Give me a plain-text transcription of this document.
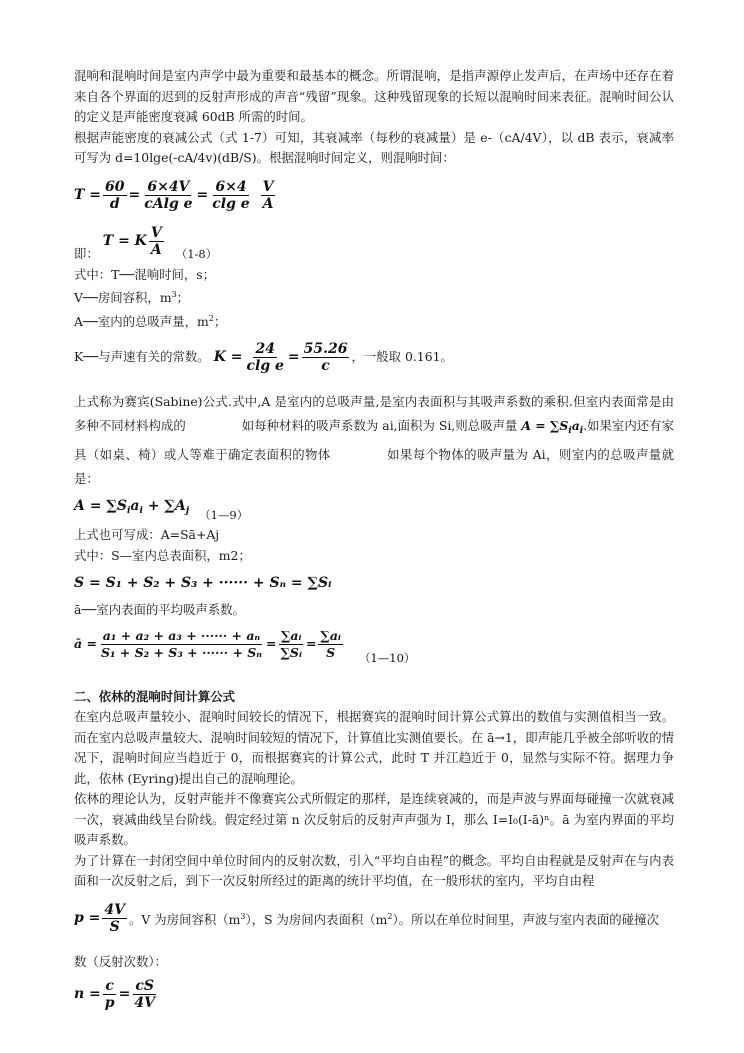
混响和混响时间是室内声学中最为重要和最基本的概念。所谓混响，是指声源停止发声后，在声场中还存在着来自各个界面的迟到的反射声形成的声音“残留”现象。这种残留现象的长短以混响时间来表征。混响时间公认的定义是声能密度衰减 60dB 所需的时间。

根据声能密度的衰减公式（式 1-7）可知，其衰减率（每秒的衰减量）是 e-（cA/4V），以 dB 表示，衰减率可写为 d=10lge(-cA/4v)(dB/S)。根据混响时间定义，则混响时间：

$T = \frac{60}{d} = \frac{6\times 4V}{\text{cAlg e}} = \frac{6\times 4}{\text{clg e}}$
$\frac{V}{A}$
即：
T = K $\frac{V}{A} (1-8)$

式中：T──混响时间，s；

V──房间容积，$m^3$；

A──室内的总吸声量，$m^2$；

K──与声速有关的常数。 $K = \frac{24}{\text{clg e}} = \frac{55.26}{c}$ ，一般取 0.161。

上式称为赛宾(Sabine)公式.式中,A 是室内的总吸声量,是室内表面积与其吸声系数的乘积.但室内表面常是由多种不同材料构成的	如每种材料的吸声系数为 ai,面积为 Si,则总吸声量 $A = \sum S_ia_i$.如果室内还有家具（如桌、椅）或人等难于确定表面积的物体	如果每个物体的吸声量为 Ai，则室内的总吸声量就是：

$A = \sum S_ia_i + \sum A_j$ （1—9）

上式也可写成：A=Sā+Aj

式中：S—室内总表面积，m2；

S = S₁ + S₂ + S₃ + ······ + Sₙ = ∑Sᵢ

ā──室内表面的平均吸声系数。

ā = $\frac{\text{a₁ + a₂ + a₃ + ······ + aₙ}}{\text{S₁ + S₂ + S₃ + ······ + Sₙ}} = \frac{\text{∑aᵢ}}{\text{∑Sᵢ}} = \frac{\text{∑aᵢ}}{S}$ （1—10）

二、依林的混响时间计算公式

在室内总吸声量较小、混响时间较长的情况下，根据赛宾的混响时间计算公式算出的数值与实测值相当一致。而在室内总吸声量较大、混响时间较短的情况下，计算值比实测值要长。在 ā→1，即声能几乎被全部听收的情况下，混响时间应当趋近于 0，而根据赛宾的计算公式，此时 T 并江趋近于 0，显然与实际不符。据理力争此，依林 (Eyring)提出自己的混响理论。

依林的理论认为，反射声能并不像赛宾公式所假定的那样，是连续衰减的，而是声波与界面每碰撞一次就衰减一次，衰减曲线呈台阶线。假定经过第 n 次反射后的反射声声强为 I，那么 I=I₀(I-ā)ⁿ。ā 为室内界面的平均吸声系数。

为了计算在一封闭空间中单位时间内的反射次数，引入“平均自由程”的概念。平均自由程就是反射声在与内表面和一次反射之后，到下一次反射所经过的距离的统计平均值，在一般形状的室内，平均自由程

$p = \frac{4V}{S}$ 。V 为房间容积$(m^3)$，S 为房间内表面积$(m^2)$。所以在单位时间里，声波与室内表面的碰撞次

数（反射次数）：

$n = \frac{c}{p} = \frac{cS}{4V}$
